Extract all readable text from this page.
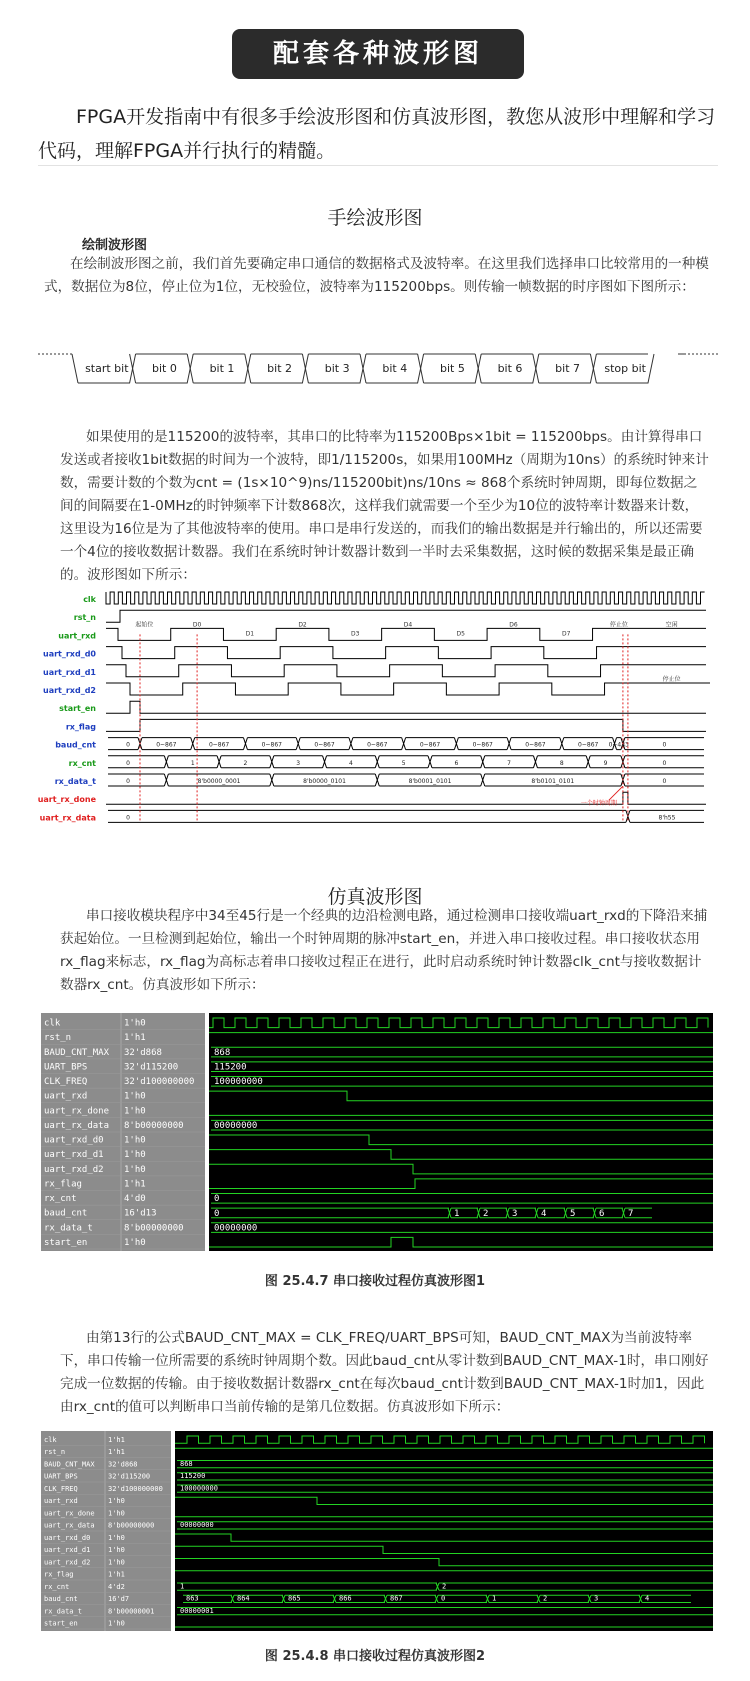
配套各种波形图
FPGA开发指南中有很多手绘波形图和仿真波形图，教您从波形中理解和学习代码，理解FPGA并行执行的精髓。
手绘波形图
绘制波形图
在绘制波形图之前，我们首先要确定串口通信的数据格式及波特率。在这里我们选择串口比较常用的一种模式，数据位为8位，停止位为1位，无校验位，波特率为115200bps。则传输一帧数据的时序图如下图所示：
start bit bit 0	bit 1	bit 2	bit 3	bit 4	bit 5	bit 6	bit 7 stop bit
如果使用的是115200的波特率，其串口的比特率为115200Bps×1bit = 115200bps。由计算得串口发送或者接收1bit数据的时间为一个波特，即1/115200s，如果用100MHz（周期为10ns）的系统时钟来计数，需要计数的个数为cnt = (1s×10^9)ns/115200bit)ns/10ns ≈ 868个系统时钟周期，即每位数据之间的间隔要在1-0MHz的时钟频率下计数868次，这样我们就需要一个至少为10位的波特率计数器来计数，这里设为16位是为了其他波特率的使用。串口是串行发送的，而我们的输出数据是并行输出的，所以还需要一个4位的接收数据计数器。我们在系统时钟计数器计数到一半时去采集数据，这时候的数据采集是最正确的。波形图如下所示：
clk
rst_n
uart_rxd
uart_rxd_d0
uart_rxd_d1
uart_rxd_d2
start_en
rx_flag
baud_cnt
rx_cnt
rx_data_t
uart_rx_done
uart_rx_data
起始位	D0
D1
D2
D3
D4
D5
D6
D7
停止位	空闲
停止位
0	0~867	0~867	0~867	0~867	0~867	0~867	0~867	0~867	0~867 0~433	0
0	1	2	3	4	5	6	7	8	9	0
0	8'b0000_0001	8'b0000_0101	8'b0001_0101	8'b0101_0101	0
一个时钟周期
0	8'h55
仿真波形图
串口接收模块程序中34至45行是一个经典的边沿检测电路，通过检测串口接收端uart_rxd的下降沿来捕获起始位。一旦检测到起始位，输出一个时钟周期的脉冲start_en，并进入串口接收过程。串口接收状态用rx_flag来标志，rx_flag为高标志着串口接收过程正在进行，此时启动系统时钟计数器clk_cnt与接收数据计数器rx_cnt。仿真波形如下所示：
clk	1'h0
rst_n	1'h1
BAUD_CNT_MAX 32'd868
UART_BPS	32'd115200
CLK_FREQ	32'd100000000
uart_rxd	1'h0
uart_rx_done 1'h0
uart_rx_data 8'b00000000
uart_rxd_d0 1'h0
uart_rxd_d1 1'h0
uart_rxd_d2 1'h0
rx_flag	1'h1
rx_cnt	4'd0
baud_cnt	16'd13
rx_data_t	8'b00000000
start_en	1'h0
868
115200
100000000
00000000
0
0	1	2	3	4	5	6	7
00000000
图 25.4.7 串口接收过程仿真波形图1
由第13行的公式BAUD_CNT_MAX = CLK_FREQ/UART_BPS可知，BAUD_CNT_MAX为当前波特率下，串口传输一位所需要的系统时钟周期个数。因此baud_cnt从零计数到BAUD_CNT_MAX-1时，串口刚好完成一位数据的传输。由于接收数据计数器rx_cnt在每次baud_cnt计数到BAUD_CNT_MAX-1时加1，因此由rx_cnt的值可以判断串口当前传输的是第几位数据。仿真波形如下所示：
clk	1'h1
rst_n	1'h1
BAUD_CNT_MAX 32'd868
UART_BPS	32'd115200
CLK_FREQ	32'd100000000
uart_rxd	1'h0
uart_rx_done 1'h0
uart_rx_data 8'b00000000
uart_rxd_d0	1'h0
uart_rxd_d1	1'h0
uart_rxd_d2	1'h0
rx_flag	1'h1
rx_cnt	4'd2
baud_cnt	16'd7
rx_data_t	8'b00000001
start_en	1'h0
868
115200
100000000
00000000
1	2
863	864	865	866	867	0	1	2	3	4
00000001
图 25.4.8 串口接收过程仿真波形图2
